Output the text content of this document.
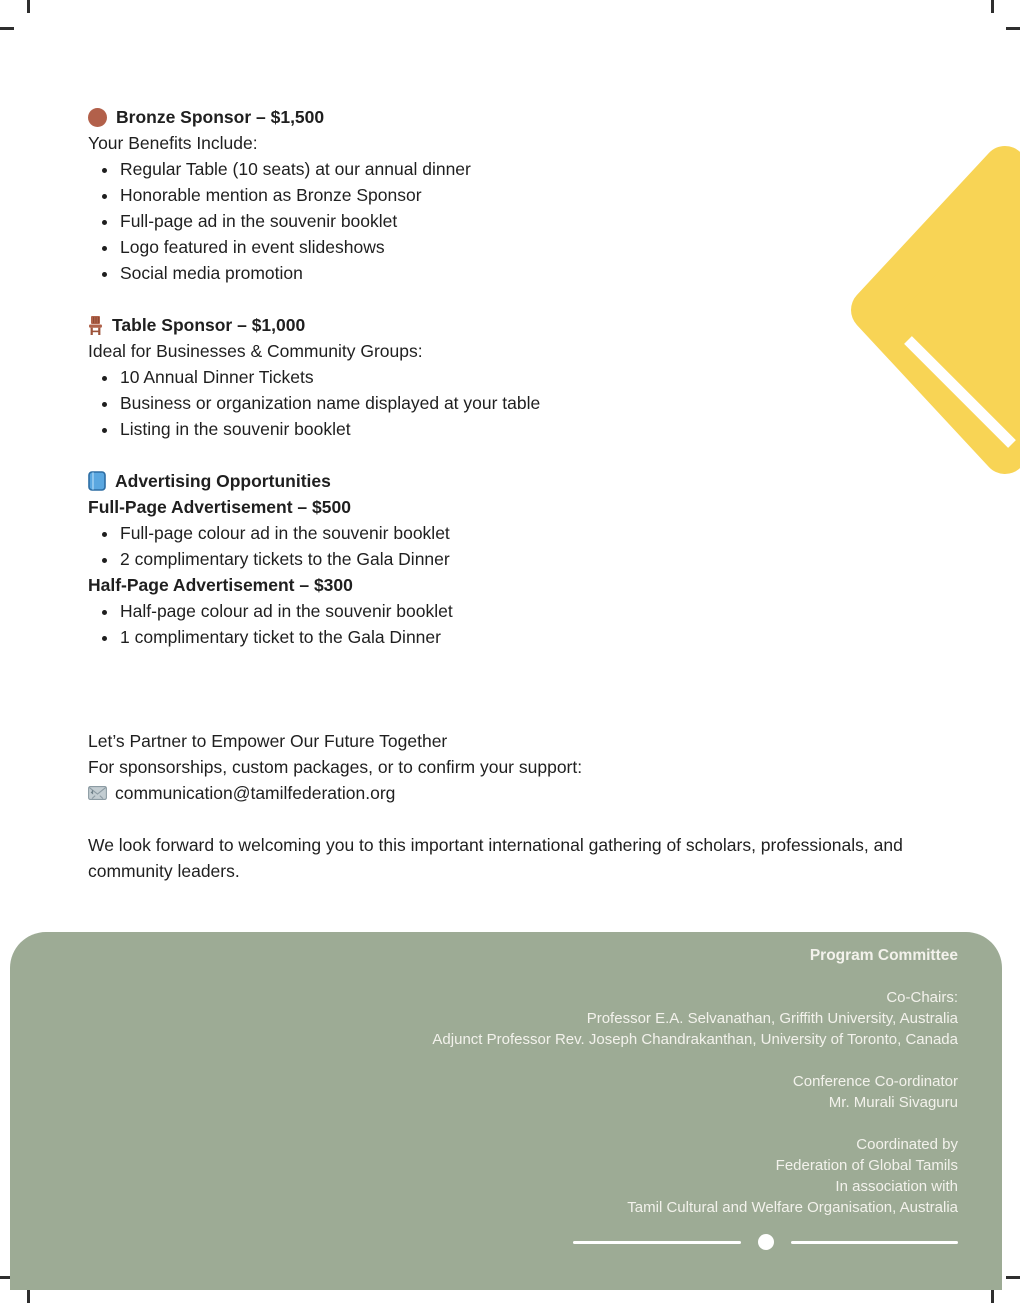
Bronze Sponsor – $1,500
Your Benefits Include:
• Regular Table (10 seats) at our annual dinner
• Honorable mention as Bronze Sponsor
• Full-page ad in the souvenir booklet
• Logo featured in event slideshows
• Social media promotion
Table Sponsor – $1,000
Ideal for Businesses & Community Groups:
• 10 Annual Dinner Tickets
• Business or organization name displayed at your table
• Listing in the souvenir booklet
Advertising Opportunities
Full-Page Advertisement – $500
• Full-page colour ad in the souvenir booklet
• 2 complimentary tickets to the Gala Dinner
Half-Page Advertisement – $300
• Half-page colour ad in the souvenir booklet
• 1 complimentary ticket to the Gala Dinner
Let’s Partner to Empower Our Future Together
For sponsorships, custom packages, or to confirm your support:
communication@tamilfederation.org
We look forward to welcoming you to this important international gathering of scholars, professionals, and community leaders.
Program Committee
Co-Chairs:
Professor E.A. Selvanathan, Griffith University, Australia
Adjunct Professor Rev. Joseph Chandrakanthan, University of Toronto, Canada
Conference Co-ordinator
Mr. Murali Sivaguru
Coordinated by
Federation of Global Tamils
In association with
Tamil Cultural and Welfare Organisation, Australia
